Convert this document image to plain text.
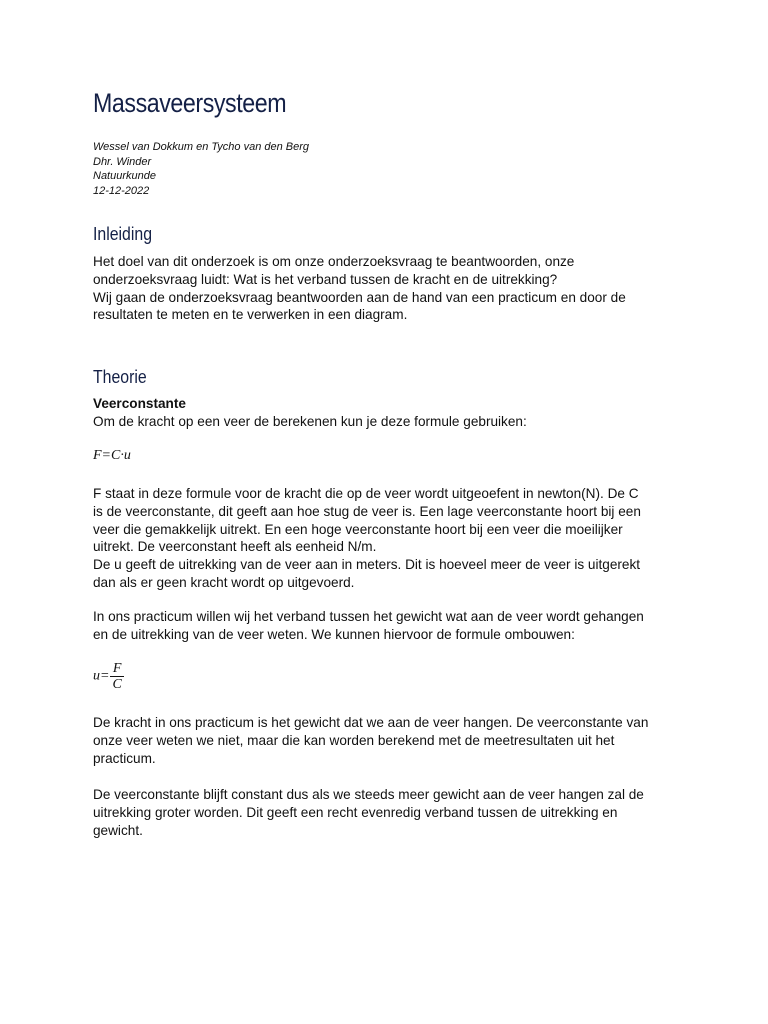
Massaveersysteem
Wessel van Dokkum en Tycho van den Berg
Dhr. Winder
Natuurkunde
12-12-2022
Inleiding
Het doel van dit onderzoek is om onze onderzoeksvraag te beantwoorden, onze
onderzoeksvraag luidt: Wat is het verband tussen de kracht en de uitrekking?
Wij gaan de onderzoeksvraag beantwoorden aan de hand van een practicum en door de
resultaten te meten en te verwerken in een diagram.
Theorie
Veerconstante
Om de kracht op een veer de berekenen kun je deze formule gebruiken:
F=C·u
F staat in deze formule voor de kracht die op de veer wordt uitgeoefent in newton(N). De C
is de veerconstante, dit geeft aan hoe stug de veer is. Een lage veerconstante hoort bij een
veer die gemakkelijk uitrekt. En een hoge veerconstante hoort bij een veer die moeilijker
uitrekt. De veerconstant heeft als eenheid N/m.
De u geeft de uitrekking van de veer aan in meters. Dit is hoeveel meer de veer is uitgerekt
dan als er geen kracht wordt op uitgevoerd.
In ons practicum willen wij het verband tussen het gewicht wat aan de veer wordt gehangen
en de uitrekking van de veer weten. We kunnen hiervoor de formule ombouwen:
$u= \frac{F}{C}$
De kracht in ons practicum is het gewicht dat we aan de veer hangen. De veerconstante van
onze veer weten we niet, maar die kan worden berekend met de meetresultaten uit het
practicum.
De veerconstante blijft constant dus als we steeds meer gewicht aan de veer hangen zal de
uitrekking groter worden. Dit geeft een recht evenredig verband tussen de uitrekking en
gewicht.
